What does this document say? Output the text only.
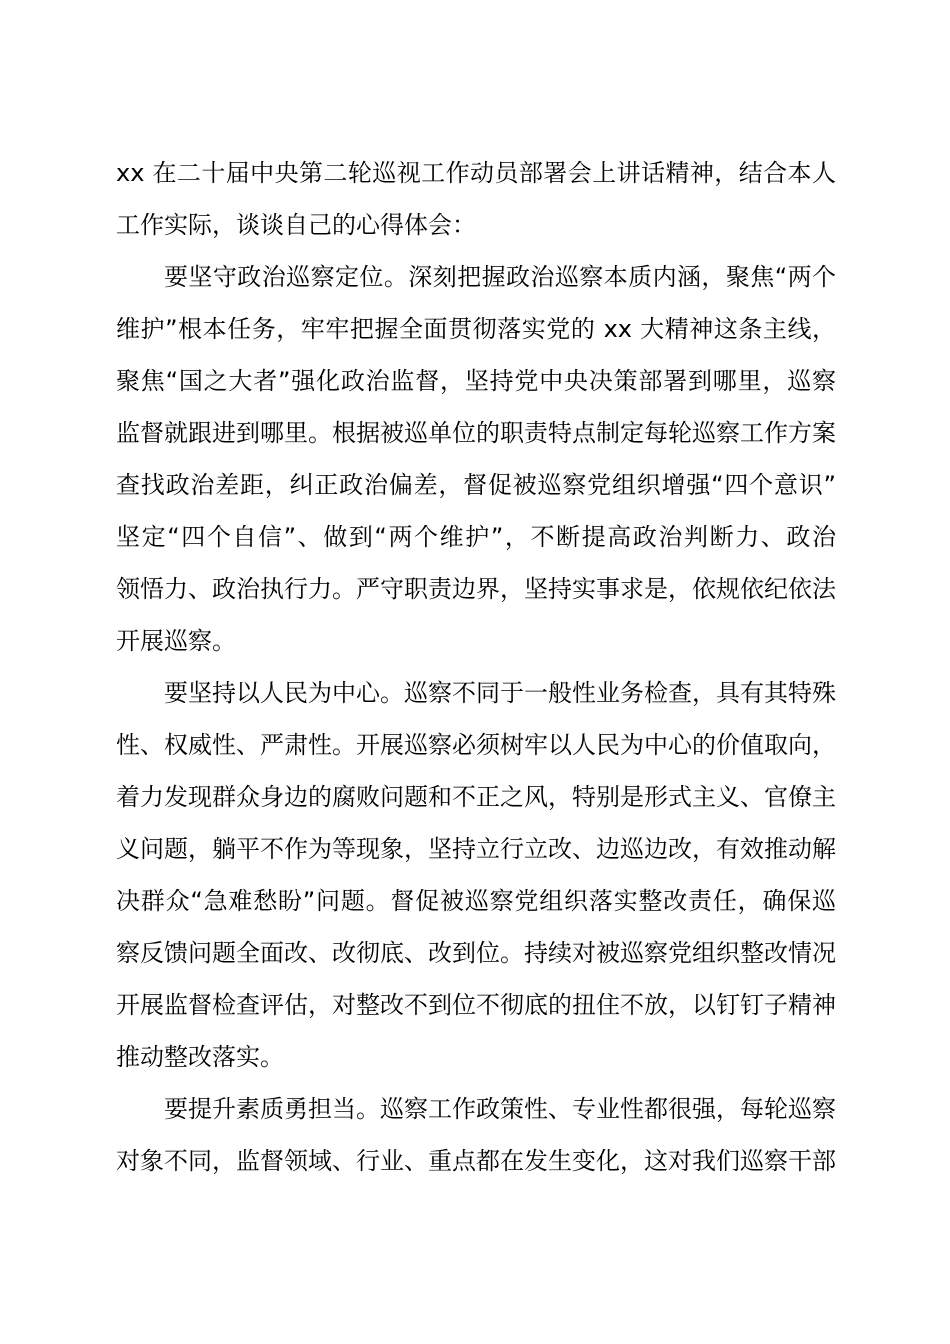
xx 在二十届中央第二轮巡视工作动员部署会上讲话精神，结合本人
工作实际，谈谈自己的心得体会：
要坚守政治巡察定位。深刻把握政治巡察本质内涵，聚焦“两个
维护”根本任务，牢牢把握全面贯彻落实党的 xx 大精神这条主线，
聚焦“国之大者”强化政治监督，坚持党中央决策部署到哪里，巡察
监督就跟进到哪里。根据被巡单位的职责特点制定每轮巡察工作方案
查找政治差距，纠正政治偏差，督促被巡察党组织增强“四个意识”
坚定“四个自信”、做到“两个维护”，不断提高政治判断力、政治
领悟力、政治执行力。严守职责边界，坚持实事求是，依规依纪依法
开展巡察。
要坚持以人民为中心。巡察不同于一般性业务检查，具有其特殊
性、权威性、严肃性。开展巡察必须树牢以人民为中心的价值取向，
着力发现群众身边的腐败问题和不正之风，特别是形式主义、官僚主
义问题，躺平不作为等现象，坚持立行立改、边巡边改，有效推动解
决群众“急难愁盼”问题。督促被巡察党组织落实整改责任，确保巡
察反馈问题全面改、改彻底、改到位。持续对被巡察党组织整改情况
开展监督检查评估，对整改不到位不彻底的扭住不放，以钉钉子精神
推动整改落实。
要提升素质勇担当。巡察工作政策性、专业性都很强，每轮巡察
对象不同，监督领域、行业、重点都在发生变化，这对我们巡察干部
